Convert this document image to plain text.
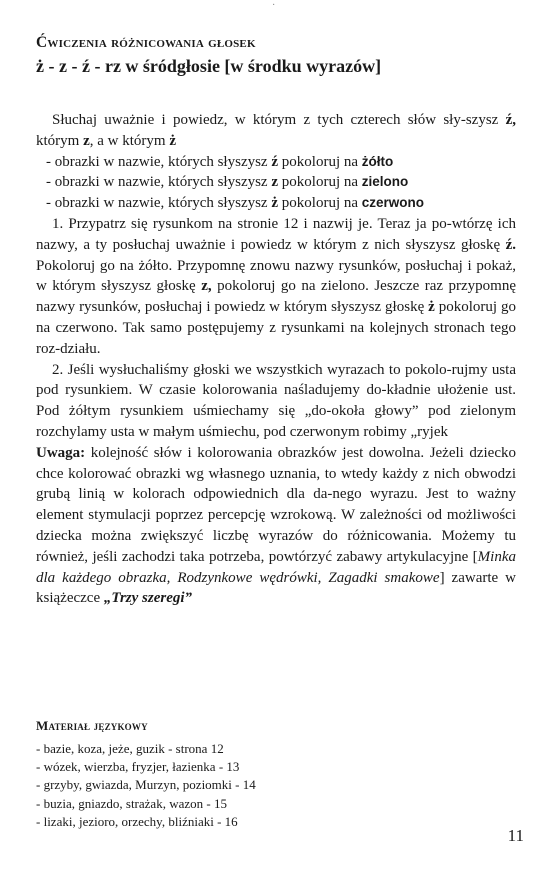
·
Ćwiczenia różnicowania głosek
ż - z - ź - rz w śródgłosie [w środku wyrazów]

Słuchaj uważnie i powiedz, w którym z tych czterech słów sły-szysz ź, którym z, a w którym ż

- obrazki w nazwie, których słyszysz ź pokoloruj na żółto

- obrazki w nazwie, których słyszysz z pokoloruj na zielono

- obrazki w nazwie, których słyszysz ż pokoloruj na czerwono

1. Przypatrz się rysunkom na stronie 12 i nazwij je. Teraz ja po-wtórzę ich nazwy, a ty posłuchaj uważnie i powiedz w którym z nich słyszysz głoskę ź. Pokoloruj go na żółto. Przypomnę znowu nazwy rysunków, posłuchaj i pokaż, w którym słyszysz głoskę z, pokoloruj go na zielono. Jeszcze raz przypomnę nazwy rysunków, posłuchaj i powiedz w którym słyszysz głoskę ż pokoloruj go na czerwono. Tak samo postępujemy z rysunkami na kolejnych stronach tego roz-działu.

2. Jeśli wysłuchaliśmy głoski we wszystkich wyrazach to pokolo-rujmy usta pod rysunkiem. W czasie kolorowania naśladujemy do-kładnie ułożenie ust. Pod żółtym rysunkiem uśmiechamy się „do-okoła głowy” pod zielonym rozchylamy usta w małym uśmiechu, pod czerwonym robimy „ryjek

Uwaga: kolejność słów i kolorowania obrazków jest dowolna. Jeżeli dziecko chce kolorować obrazki wg własnego uznania, to wtedy każdy z nich obwodzi grubą linią w kolorach odpowiednich dla da-nego wyrazu. Jest to ważny element stymulacji poprzez percepcję wzrokową. W zależności od możliwości dziecka można zwiększyć liczbę wyrazów do różnicowania. Możemy tu również, jeśli zachodzi taka potrzeba, powtórzyć zabawy artykulacyjne [Minka dla każdego obrazka, Rodzynkowe wędrówki, Zagadki smakowe] zawarte w książeczce „Trzy szeregi”

Materiał językowy
- bazie, koza, jeże, guzik - strona 12
- wózek, wierzba, fryzjer, łazienka - 13
- grzyby, gwiazda, Murzyn, poziomki - 14
- buzia, gniazdo, strażak, wazon - 15
- lizaki, jezioro, orzechy, bliźniaki - 16
11
